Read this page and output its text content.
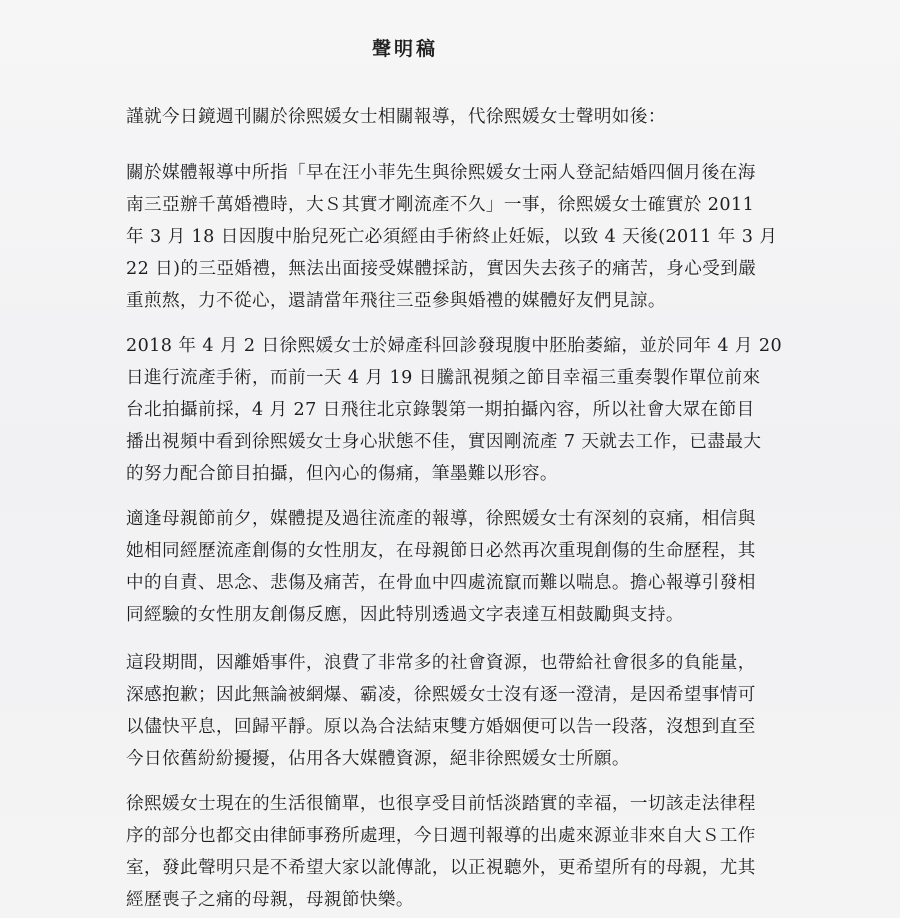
聲明稿

謹就今日鏡週刊關於徐熙媛女士相關報導，代徐熙媛女士聲明如後：

關於媒體報導中所指「早在汪小菲先生與徐熙媛女士兩人登記結婚四個月後在海

南三亞辦千萬婚禮時，大Ｓ其實才剛流產不久」一事，徐熙媛女士確實於 2011

年 3 月 18 日因腹中胎兒死亡必須經由手術終止妊娠，以致 4 天後(2011 年 3 月

22 日)的三亞婚禮，無法出面接受媒體採訪，實因失去孩子的痛苦，身心受到嚴

重煎熬，力不從心，還請當年飛往三亞參與婚禮的媒體好友們見諒。

2018 年 4 月 2 日徐熙媛女士於婦產科回診發現腹中胚胎萎縮，並於同年 4 月 20

日進行流產手術，而前一天 4 月 19 日騰訊視頻之節目幸福三重奏製作單位前來

台北拍攝前採，4 月 27 日飛往北京錄製第一期拍攝內容，所以社會大眾在節目

播出視頻中看到徐熙媛女士身心狀態不佳，實因剛流產 7 天就去工作，已盡最大

的努力配合節目拍攝，但內心的傷痛，筆墨難以形容。

適逢母親節前夕，媒體提及過往流產的報導，徐熙媛女士有深刻的哀痛，相信與

她相同經歷流產創傷的女性朋友，在母親節日必然再次重現創傷的生命歷程，其

中的自責、思念、悲傷及痛苦，在骨血中四處流竄而難以喘息。擔心報導引發相

同經驗的女性朋友創傷反應，因此特別透過文字表達互相鼓勵與支持。

這段期間，因離婚事件，浪費了非常多的社會資源，也帶給社會很多的負能量，

深感抱歉；因此無論被網爆、霸凌，徐熙媛女士沒有逐一澄清，是因希望事情可

以儘快平息，回歸平靜。原以為合法結束雙方婚姻便可以告一段落，沒想到直至

今日依舊紛紛擾擾，佔用各大媒體資源，絕非徐熙媛女士所願。

徐熙媛女士現在的生活很簡單，也很享受目前恬淡踏實的幸福，一切該走法律程

序的部分也都交由律師事務所處理，今日週刊報導的出處來源並非來自大Ｓ工作

室，發此聲明只是不希望大家以訛傳訛，以正視聽外，更希望所有的母親，尤其

經歷喪子之痛的母親，母親節快樂。
